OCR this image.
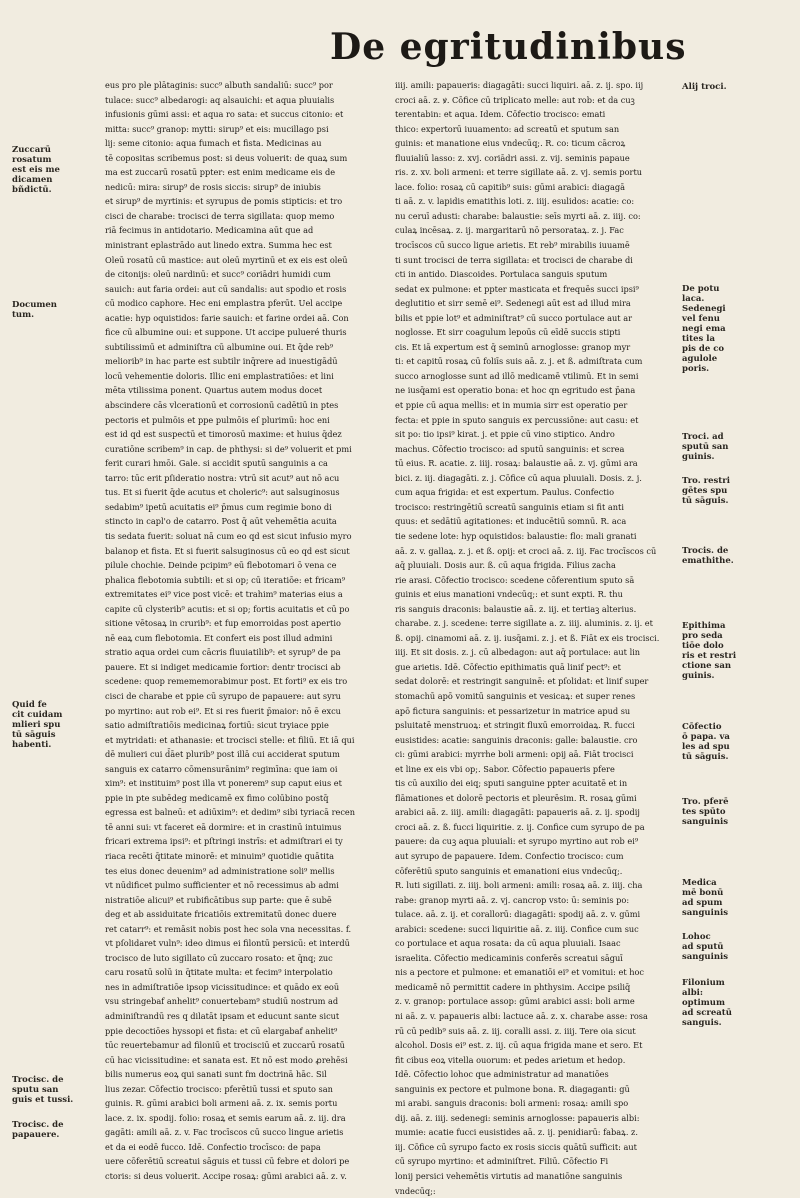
De egritudinibus
eus pro ple plātaginis: succ⁹ albuth sandaliū: succ⁹ por
tulace: succ⁹ albedarogi: aq alsauichi: et aqua pluuialis
infusionis gūmi assi: et aqua ro sata: et succus citonio: et
mitta: succ⁹ granop: mytti: sirup⁹ et eis: mucillago psi
lij: seme citonio: aqua fumach et fista. Medicinas au
tē copositas scribemus post: si deus voluerit: de quaꝝ sum
ma est zuccarū rosatū ppter: est enim medicame eis de
nedicū: mira: sirup⁹ de rosis siccis: sirup⁹ de iniubis
et sirup⁹ de myrtinis: et syrupus de pomis stipticis: et tro
cisci de charabe: trocisci de terra sigillata: quop memo
riā fecimus in antidotario. Medicamina aūt que ad
ministrant eplastrādo aut linedo extra. Summa hec est
Oleū rosatū cū mastice: aut oleū myrtinū et ex eis est oleū
de citonijs: oleū nardinū: et succ⁹ coriādri humidi cum
sauich: aut faria ordei: aut cū sandalis: aut spodio et rosis
cū modico caphore. Hec eni emplastra pferūt. Uel accipe
acatie: hyp oquistidos: farie sauich: et farine ordei aā. Con
fice cū albumine oui: et suppone. Ut accipe pulueré thuris
subtilissimū et adminiſtra cū albumine oui. Et q̄de reb⁹
meliorib⁹ in hac parte est subtilr inq̄rere ad inuestigādū
locū vehementie doloris. Illic eni emplastratiōes: et lini
mēta vtilissima ponent. Quartus autem modus docet
abscindere cās vlcerationū et corrosionū cadētiū in ptes
pectoris et pulmōis et ppe pulmōis eſ plurimū: hoc eni
est id qd est suspectū et timorosū maxime: et huius q̄dez
curatiōne scribem⁹ in cap. de phthysi: si de⁹ voluerit et pmi
ferit curari hmōi. Gale. si accidit sputū sanguinis a ca
tarro: tūc erit pſideratio nostra: vtrū sit acut⁹ aut nō acu
tus. Et si fuerit q̄de acutus et choleric⁹: aut salsuginosus
sedabim⁹ ipetū acuitatis ei⁹ p̄mus cum regimie bono di
stincto in capl'o de catarro. Post q̄ aūt vehemētia acuita
tis sedata fuerit: soluat nā cum eo qd est sicut infusio myro
balanop et fista. Et si fuerit salsuginosus cū eo qd est sicut
pilule chochie. Deinde pcipim⁹ eū flebotomari ō vena ce
phalica flebotomia subtili: et si op; cū iteratiōe: et fricam⁹
extremitates ei⁹ vice post vicē: et trahim⁹ materias eius a
capite cū clysterib⁹ acutis: et si op; fortis acuitatis et cū po
sitione vētosaꝝ in crurib⁹: et fup emorroidas post apertio
nē eaꝝ cum flebotomia. Et confert eis post illud admini
stratio aqua ordei cum cācris fluuiatilib⁹: et syrup⁹ de pa
pauere. Et si indiget medicamie fortior: dentr trocisci ab
scedene: quop remememorabimur post. Et forti⁹ ex eis tro
cisci de charabe et ppie cū syrupo de papauere: aut syru
po myrtino: aut rob ei⁹. Et si res fuerit p̄maior: nō ē excu
satio admiſtratiōis medicinaꝝ fortiū: sicut tryiace ppie
et mytridati: et athanasie: et trocisci stelle: et filiū. Et iā qui
dē mulieri cui d̄āet plurib⁹ post illā cui acciderat sputum
sanguis ex catarro cōmensurānim⁹ regimīna: que iam oi
xim⁹: et instituim⁹ post illa vt ponerem⁹ sup caput eius et
ppie in pte subēdeg medicamē ex fimo colūbino postq̄
egressa est balneū: et adiūxim⁹: et dedim⁹ sibi tyriacā recen
tē anni sui: vt faceret eā dormire: et in crastinū intuimus
fricari extrema ipsi⁹: et pſtringi instrīs: et admiſtrari ei ty
riaca recēti q̄titate minorē: et minuim⁹ quotidie quātita
tes eius donec deuenim⁹ ad administratione soli⁹ mellis
vt nūdificet pulmo sufficienter et nō recessimus ab admi
nistratiōe alicui⁹ et rubificātibus sup parte: que ē subē
deg et ab assiduitate fricatiōis extremitatū donec duere
ret catarr⁹: et remāsit nobis post hec sola vna necessitas. f.
vt pſolidaret vuln⁹: ideo dimus ei filontū persicū: et interdū
trocisco de luto sigillato cū zuccaro rosato: et q̄nq; zuc
caru rosatū solū in q̄titate multa: et fecim⁹ interpolatio
nes in admiſtratiōe ipsop vicissitudince: et quādo ex eoū
vsu stringebaf anhelit⁹ conuertebam⁹ studiū nostrum ad
adminiſtrandū res q dilatāt ipsam et educunt sante sicut
ppie decoctiōes hyssopi et fista: et cū elargabaf anhelit⁹
tūc reuertebamur ad filoniū et trocisciū et zuccarū rosatū
cū hac vicissitudine: et sanata est. Et nō est modo ꝓrehēsi
bilis numerus eoꝝ qui sanati sunt fm doctrinā hāc. Sil
lius zezar. Cōfectio trocisco: pferētiū tussi et sputo san
guinis. R. gūmi arabici boli armeni aā. z. ix. semis portu
lace. z. ix. spodij. folio: rosaꝝ et semis earum aā. z. iij. dra
gagāti: amili aā. z. v. Fac trocīscos cū succo lingue arietis
et da ei eodē fucco. Idē. Confectio trocīsco: de papa
uere cōferētiū screatui sāguis et tussi cū febre et dolori pe
ctoris: si deus voluerit. Accipe rosaꝝ: gūmi arabici aā. z. v.
iiij. amili: papaueris: diagagāti: succi liquiri. aā. z. ij. spo. iij
croci aā. z. ꝟ. Cōfice cū triplicato melle: aut rob: et da cuꝫ
terentabin: et aqua. Idem. Cōfectio trocisco: emati
thico: expertorū iuuamento: ad screatū et sputum san
guinis: et manatione eius vndecūq;. R. co: ticum cācroꝝ
fluuialiū lasso: z. xvj. coriādri assi. z. vij. seminis papaue
ris. z. xv. boli armeni: et terre sigillate aā. z. vj. semis portu
lace. folio: rosaꝝ cū capitib⁹ suis: gūmi arabici: diagagā
ti aā. z. v. lapidis ematithis loti. z. iiij. esulidos: acatie: co:
nu ceruī adusti: charabe: balaustie: seīs myrti aā. z. iiij. co:
culaꝝ incēsaꝝ. z. ij. margaritarū nō persorataꝝ. z. j. Fac
trocīscos cū succo ligue arietis. Et reb⁹ mirabilis iuuamē
ti sunt trocisci de terra sigillata: et trocisci de charabe di
cti in antido. Diascoides. Portulaca sanguis sputum
sedat ex pulmone: et ppter masticata et frequēs succi ipsi⁹
deglutitio et sirr semē ei⁹. Sedenegi aūt est ad illud mira
bilis et ppie lot⁹ et adminiſtrat⁹ cū succo portulace aut ar
noglosse. Et sirr coagulum lepoūs cū eīdē succis stipti
cis. Et iā expertum est q̄ seminū arnoglosse: granop myr
ti: et capitū rosaꝝ cū foliīs suis aā. z. j. et ß. admiſtrata cum
succo arnoglosse sunt ad illō medicamē vtilimū. Et in semi
ne iusq̄ami est operatio bona: et hoc qn egritudo est p̄ana
et ppie cū aqua mellis: et in mumia sirr est operatio per
fecta: et ppie in sputo sanguis ex percussiōne: aut casu: et
sit po: tio ipsi⁹ kirat. j. et ppie cū vino stiptico. Andro
machus. Cōfectio trocisco: ad sputū sanguinis: et screa
tū eius. R. acatie. z. iiij. rosaꝝ: balaustie aā. z. vj. gūmi ara
bici. z. iij. diagagāti. z. j. Cōfice cū aqua pluuiali. Dosis. z. j.
cum aqua frigida: et est expertum. Paulus. Confectio
trocisco: restringētiū screatū sanguinis etiam si fit anti
quus: et sedātiū agitationes: et inducētiū somnū. R. aca
tie sedene lote: hyp oquistidos: balaustie: flo: mali granati
aā. z. v. gallaꝝ. z. j. et ß. opij: et croci aā. z. iij. Fac trocīscos cū
aq̄ pluuiali. Dosis aur. ß. cū aqua frigida. Filius zacha
rie arasi. Cōfectio trocisco: scedene cōferentium sputo sā
guinis et eius manationi vndecūq;: et sunt expti. R. thu
ris sanguis draconis: balaustie aā. z. iij. et tertiaꝫ alterius.
charabe. z. j. scedene: terre sigillate a. z. iiij. aluminis. z. ij. et
ß. opij. cinamomi aā. z. ij. iusq̄ami. z. j. et ß. Fiāt ex eis trocisci.
iiij. Et sit dosis. z. j. cū albedagon: aut aq̄ portulace: aut lin
gue arietis. Idē. Cōfectio epithimatis quā linif pect⁹: et
sedat dolorē: et restringit sanguinē: et pſolidat: et linif super
stomachū apō vomitū sanguinis et vesicaꝝ: et super renes
apō fictura sanguinis: et pessarizetur in matrice apud su
psluitatē menstruoꝝ: et stringit fluxū emorroidaꝝ. R. fucci
eusistides: acatie: sanguinis draconis: galle: balaustie. cro
ci: gūmi arabici: myrrhe boli armeni: opij aā. Fiāt trocisci
et line ex eis vbi op;. Sabor. Cōfectio papaueris pfere
tis cū auxilio dei eiq; sputi sanguine ppter acuitatē et in
flāmationes et dolorē pectoris et pleurēsim. R. rosaꝝ gūmi
arabici aā. z. iiij. amili: diagagāti: papaueris aā. z. ij. spodij
croci aā. z. ß. fucci liquiritie. z. ij. Confice cum syrupo de pa
pauere: da cuꝫ aqua pluuiali: et syrupo myrtino aut rob ei⁹
aut syrupo de papauere. Idem. Confectio trocisco: cum
cōferētiū sputo sanguinis et emanationi eius vndecūq;.
R. luti sigillati. z. iiij. boli armeni: amili: rosaꝝ aā. z. iiij. cha
rabe: granop myrti aā. z. vj. cancrop vsto: ū: seminis po:
tulace. aā. z. ij. et corallorū: diagagāti: spodij aā. z. v. gūmi
arabici: scedene: succi liquiritie aā. z. iiij. Confice cum suc
co portulace et aqua rosata: da cū aqua pluuiali. Isaac
israelita. Cōfectio medicaminis conferēs screatui sāguī
nis a pectore et pulmone: et emanatiōi ei⁹ et vomitui: et hoc
medicamē nō permittit cadere in phthysim. Accipe psiliq̄
z. v. granop: portulace assop: gūmi arabici assi: boli arme
ni aā. z. v. papaueris albi: lactuce aā. z. x. charabe asse: rosa
rū cū pedib⁹ suis aā. z. iij. coralli assi. z. iiij. Tere oia sicut
alcohol. Dosis ei⁹ est. z. iij. cū aqua frigida mane et sero. Et
fit cibus eoꝝ vitella ouorum: et pedes arietum et hedop.
Idē. Cōfectio lohoc que administratur ad manatiōes
sanguinis ex pectore et pulmone bona. R. diagaganti: gū
mi arabi. sanguis draconis: boli armeni: rosaꝝ: amili spo
dij. aā. z. iiij. sedenegi: seminis arnoglosse: papaueris albi:
mumie: acatie fucci eusistides aā. z. ij. penidiarū: fabaꝝ. z.
iij. Cōfice cū syrupo facto ex rosis siccis quātū sufficit: aut
cū syrupo myrtino: et adminiſtret. Filiū. Cōfectio Fi
lonij persici vehemētis virtutis ad manatiōne sanguinis
vndecūq;:
Zuccarū
rosatum
est eis me
dicamen
bñdictū.
Documen
tum.
Quid fe
cit cuidam
mlieri spu
tū sāguis
habenti.
Trocisc. de
sputu san
guis et tussi.
Trocisc. de
papauere.
Alij troci.
De potu
laca.
Sedenegi
vel fenu
negi ema
tites la
pis de co
agulole
poris.
Troci. ad
sputū san
guinis.
Tro. restri
gētes spu
tū sāguis.
Trocis. de
emathithe.
Epithima
pro seda
tiōe dolo
ris et restri
ctione san
guinis.
Cōfectio
ō papa. va
les ad spu
tū sāguis.
Tro. pferē
tes spūto
sanguinis
Medica
mē bonū
ad spum
sanguinis
Lohoc
ad sputū
sanguinis
Filonium
albi:
optimum
ad screatū
sanguis.
